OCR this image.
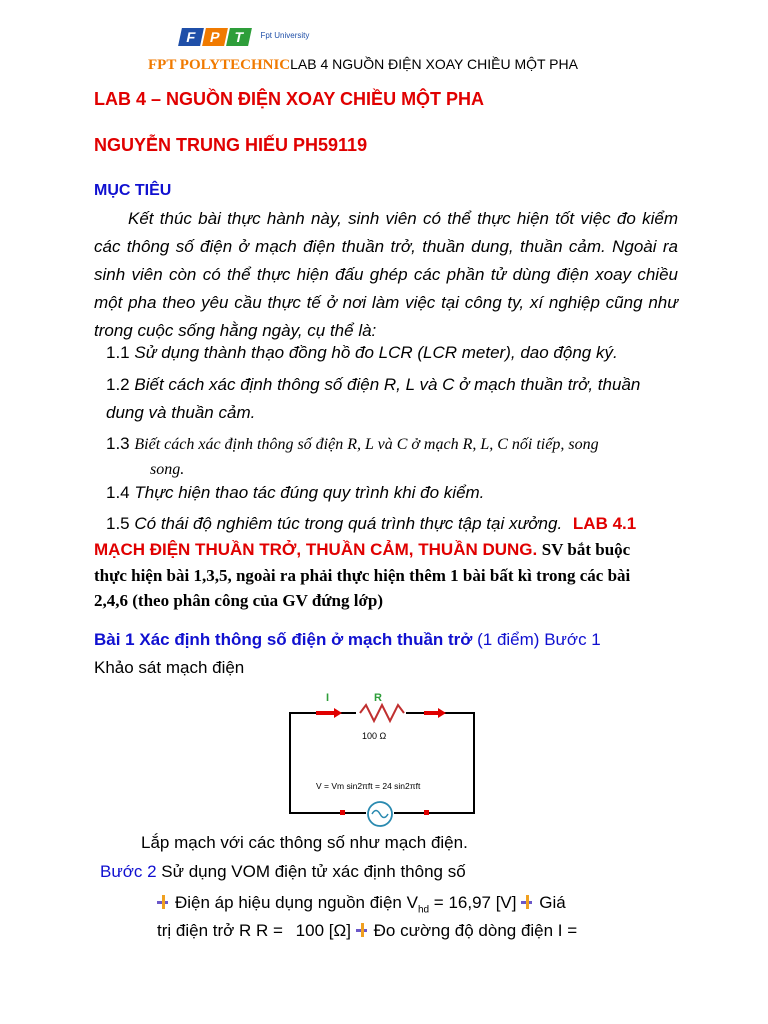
F P T $^{Fpt University}$
FPT POLYTECHNICLAB 4 NGUỒN ĐIỆN XOAY CHIỀU MỘT PHA
LAB 4 – NGUỒN ĐIỆN XOAY CHIỀU MỘT PHA
NGUYỄN TRUNG HIẾU PH59119
MỤC TIÊU
Kết thúc bài thực hành này, sinh viên có thể thực hiện tốt việc đo kiểm các thông số điện ở mạch điện thuần trở, thuần dung, thuần cảm. Ngoài ra sinh viên còn có thể thực hiện đấu ghép các phần tử dùng điện xoay chiều một pha theo yêu cầu thực tế ở nơi làm việc tại công ty, xí nghiệp cũng như trong cuộc sống hằng ngày, cụ thể là:
1.1 Sử dụng thành thạo đồng hồ đo LCR (LCR meter), dao động ký.
1.2 Biết cách xác định thông số điện R, L và C ở mạch thuần trở, thuần
dung và thuần cảm.
1.3 Biết cách xác định thông số điện R, L và C ở mạch R, L, C nối tiếp, song
song.
1.4 Thực hiện thao tác đúng quy trình khi đo kiểm.
1.5 Có thái độ nghiêm túc trong quá trình thực tập tại xưởng. LAB 4.1
MẠCH ĐIỆN THUẦN TRỞ, THUẦN CẢM, THUẦN DUNG. SV bắt buộc
thực hiện bài 1,3,5, ngoài ra phải thực hiện thêm 1 bài bất kì trong các bài
2,4,6 (theo phân công của GV đứng lớp)
Bài 1 Xác định thông số điện ở mạch thuần trở (1 điểm) Bước 1
Khảo sát mạch điện
I	R
100 Ω
V = Vm sin2πft = 24 sin2πft
Lắp mạch với các thông số như mạch điện.
Bước 2 Sử dụng VOM điện tử xác định thông số
Điện áp hiệu dụng nguồn điện $V_{hd} = 16,97$ [V] Giá
trị điện trở R R = 100 [Ω] Đo cường độ dòng điện I =
